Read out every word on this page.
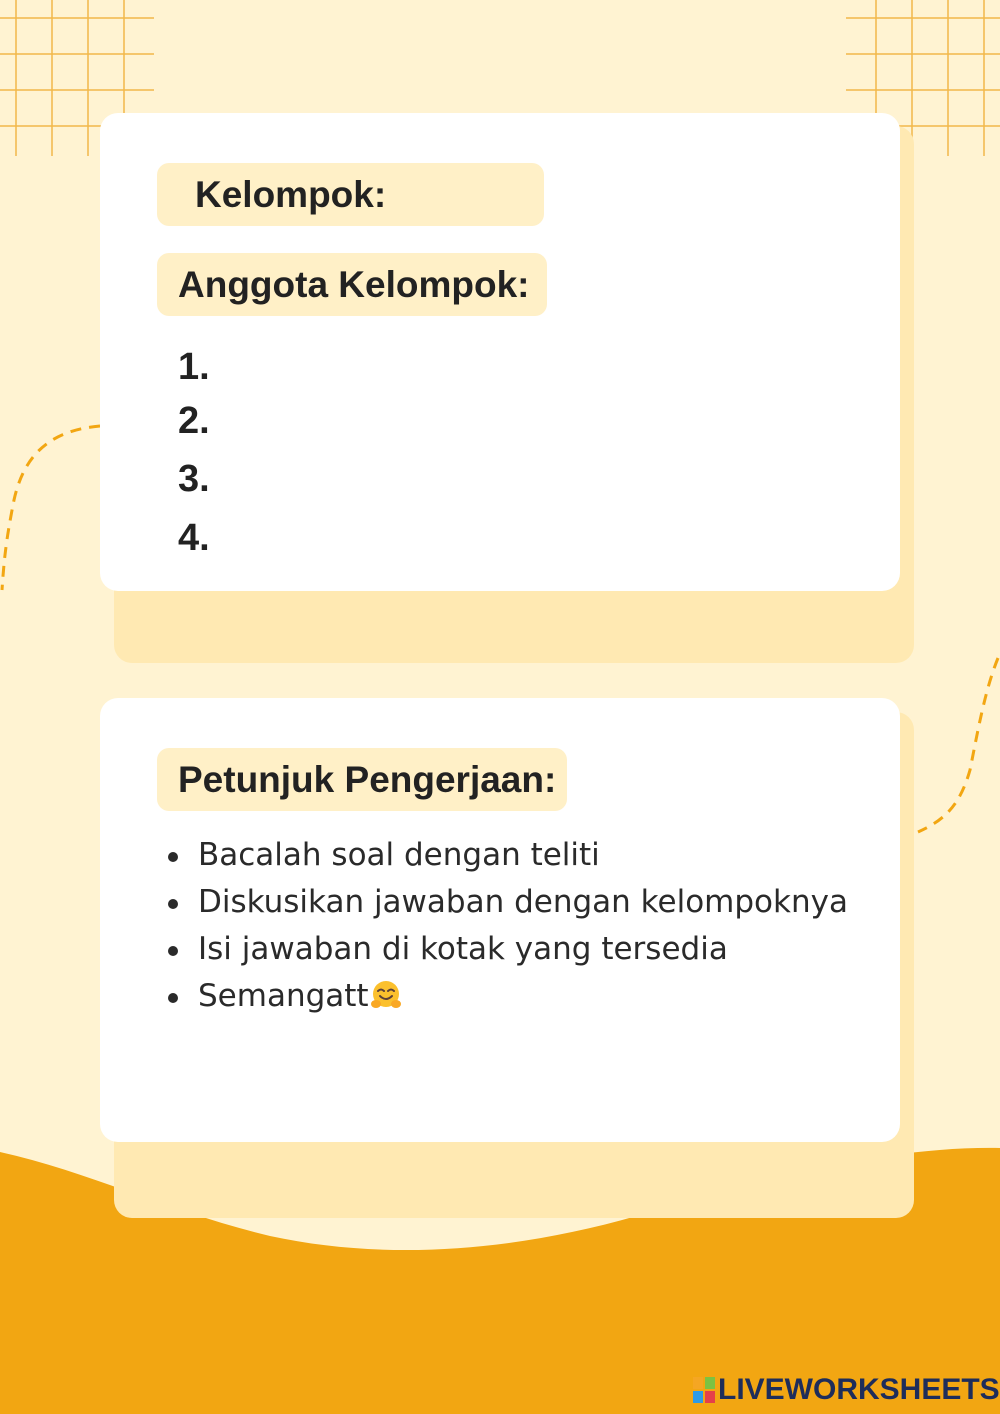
Kelompok:
Anggota Kelompok:
1.
2.
3.
4.
Petunjuk Pengerjaan:
Bacalah soal dengan teliti
Diskusikan jawaban dengan kelompoknya
Isi jawaban di kotak yang tersedia
Semangatt
LIVEWORKSHEETS
